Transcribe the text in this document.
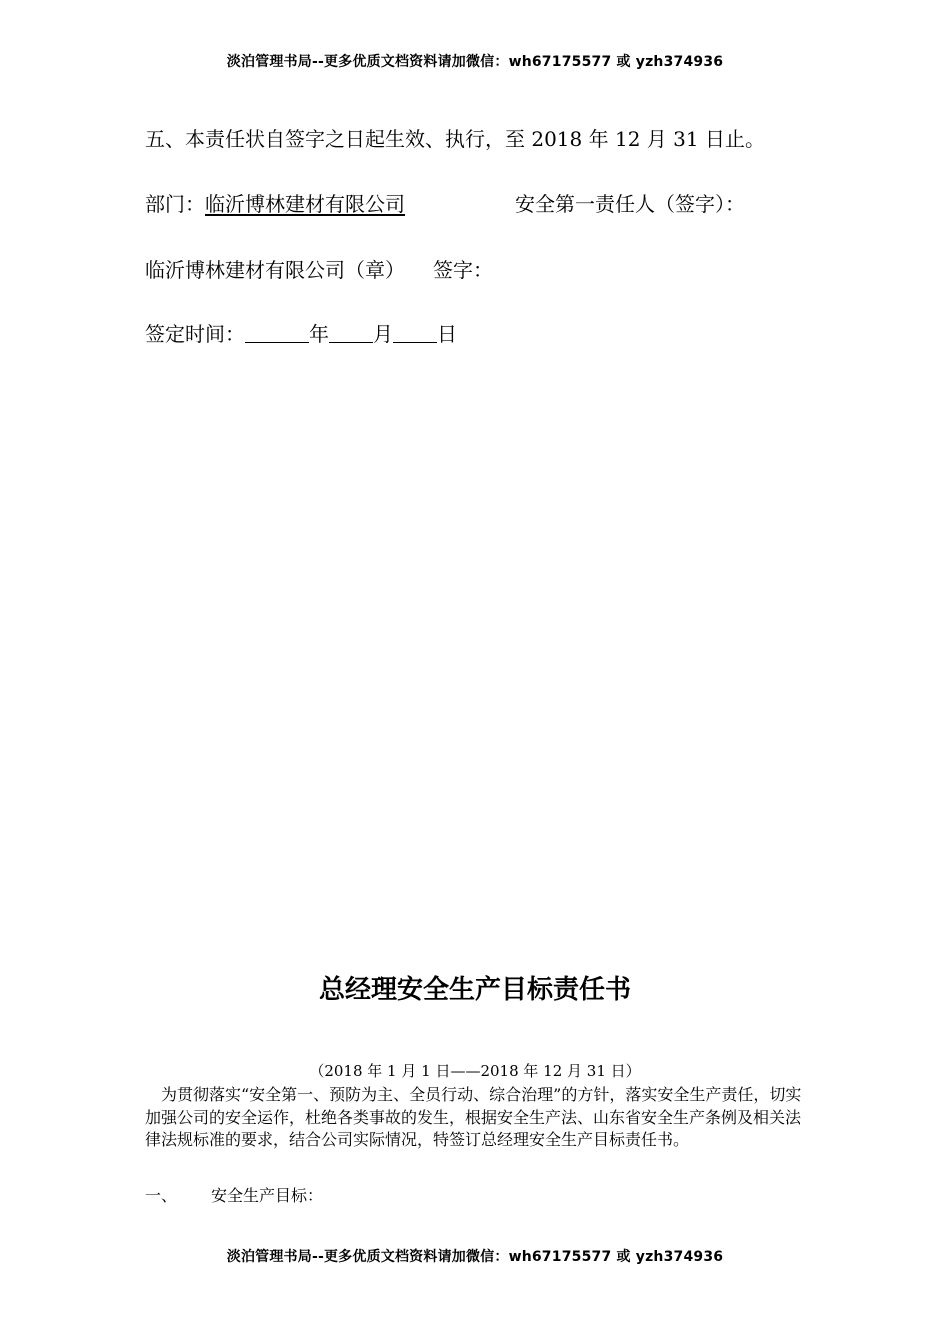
淡泊管理书局--更多优质文档资料请加微信：wh67175577 或 yzh374936
五、本责任状自签字之日起生效、执行，至 2018 年 12 月 31 日止。
部门：临沂博林建材有限公司	安全第一责任人（签字）：
临沂博林建材有限公司（章） 签字：
签定时间：	年 月 日
总经理安全生产目标责任书
（2018 年 1 月 1 日——2018 年 12 月 31 日）

为贯彻落实“安全第一、预防为主、全员行动、综合治理”的方针，落实安全生产责任，切实加强公司的安全运作，杜绝各类事故的发生，根据安全生产法、山东省安全生产条例及相关法律法规标准的要求，结合公司实际情况，特签订总经理安全生产目标责任书。

一、 安全生产目标：
淡泊管理书局--更多优质文档资料请加微信：wh67175577 或 yzh374936
